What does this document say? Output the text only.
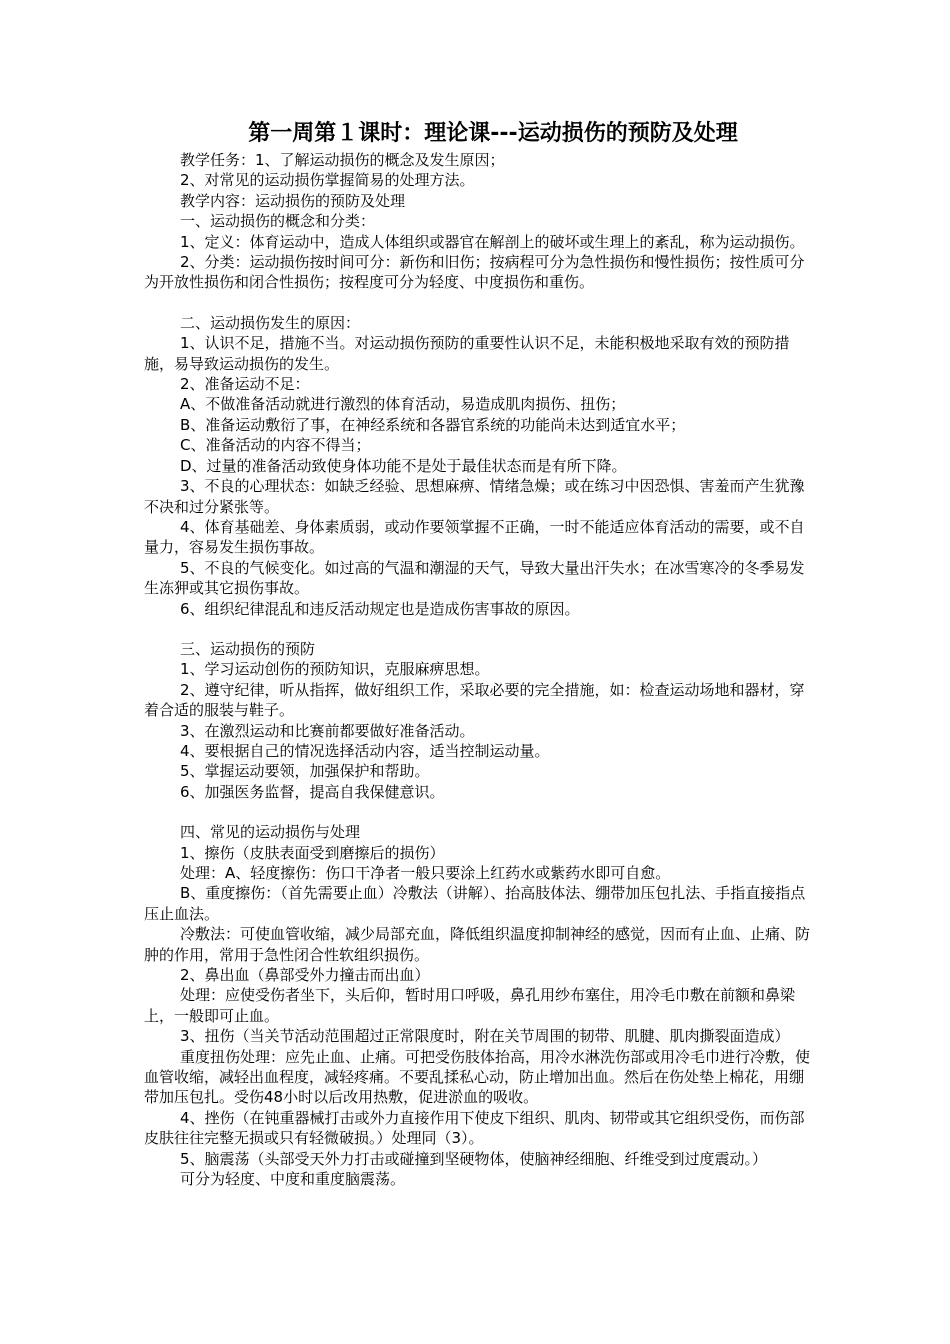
第一周第１课时：理论课---运动损伤的预防及处理

教学任务：1、了解运动损伤的概念及发生原因；

2、对常见的运动损伤掌握简易的处理方法。

教学内容：运动损伤的预防及处理

一、运动损伤的概念和分类：

1、定义：体育运动中，造成人体组织或器官在解剖上的破坏或生理上的紊乱，称为运动损伤。

2、分类：运动损伤按时间可分：新伤和旧伤；按病程可分为急性损伤和慢性损伤；按性质可分为开放性损伤和闭合性损伤；按程度可分为轻度、中度损伤和重伤。

二、运动损伤发生的原因：

1、认识不足，措施不当。对运动损伤预防的重要性认识不足，未能积极地采取有效的预防措施，易导致运动损伤的发生。

2、准备运动不足：

A、不做准备活动就进行激烈的体育活动，易造成肌肉损伤、扭伤；

B、准备运动敷衍了事，在神经系统和各器官系统的功能尚未达到适宜水平；

C、准备活动的内容不得当；

D、过量的准备活动致使身体功能不是处于最佳状态而是有所下降。

3、不良的心理状态：如缺乏经验、思想麻痹、情绪急燥；或在练习中因恐惧、害羞而产生犹豫不决和过分紧张等。

4、体育基础差、身体素质弱，或动作要领掌握不正确，一时不能适应体育活动的需要，或不自量力，容易发生损伤事故。

5、不良的气候变化。如过高的气温和潮湿的天气，导致大量出汗失水；在冰雪寒冷的冬季易发生冻狎或其它损伤事故。

6、组织纪律混乱和违反活动规定也是造成伤害事故的原因。

三、运动损伤的预防

1、学习运动创伤的预防知识，克服麻痹思想。

2、遵守纪律，听从指挥，做好组织工作，采取必要的完全措施，如：检查运动场地和器材，穿着合适的服装与鞋子。

3、在激烈运动和比赛前都要做好准备活动。

4、要根据自己的情况选择活动内容，适当控制运动量。

5、掌握运动要领，加强保护和帮助。

6、加强医务监督，提高自我保健意识。

四、常见的运动损伤与处理

1、擦伤（皮肤表面受到磨擦后的损伤）

处理：A、轻度擦伤：伤口干净者一般只要涂上红药水或紫药水即可自愈。

B、重度擦伤：（首先需要止血）冷敷法（讲解）、抬高肢体法、绷带加压包扎法、手指直接指点压止血法。

冷敷法：可使血管收缩，减少局部充血，降低组织温度抑制神经的感觉，因而有止血、止痛、防肿的作用，常用于急性闭合性软组织损伤。

2、鼻出血（鼻部受外力撞击而出血）

处理：应使受伤者坐下，头后仰，暂时用口呼吸，鼻孔用纱布塞住，用冷毛巾敷在前额和鼻梁上，一般即可止血。

3、扭伤（当关节活动范围超过正常限度时，附在关节周围的韧带、肌腱、肌肉撕裂面造成）

重度扭伤处理：应先止血、止痛。可把受伤肢体抬高，用冷水淋洗伤部或用冷毛巾进行冷敷，使血管收缩，减轻出血程度，减轻疼痛。不要乱揉私心动，防止增加出血。然后在伤处垫上棉花，用绷带加压包扎。受伤48小时以后改用热敷，促进淤血的吸收。

4、挫伤（在钝重器械打击或外力直接作用下使皮下组织、肌肉、韧带或其它组织受伤，而伤部皮肤往往完整无损或只有轻微破损。）处理同（3）。

5、脑震荡（头部受天外力打击或碰撞到坚硬物体，使脑神经细胞、纤维受到过度震动。）

可分为轻度、中度和重度脑震荡。
